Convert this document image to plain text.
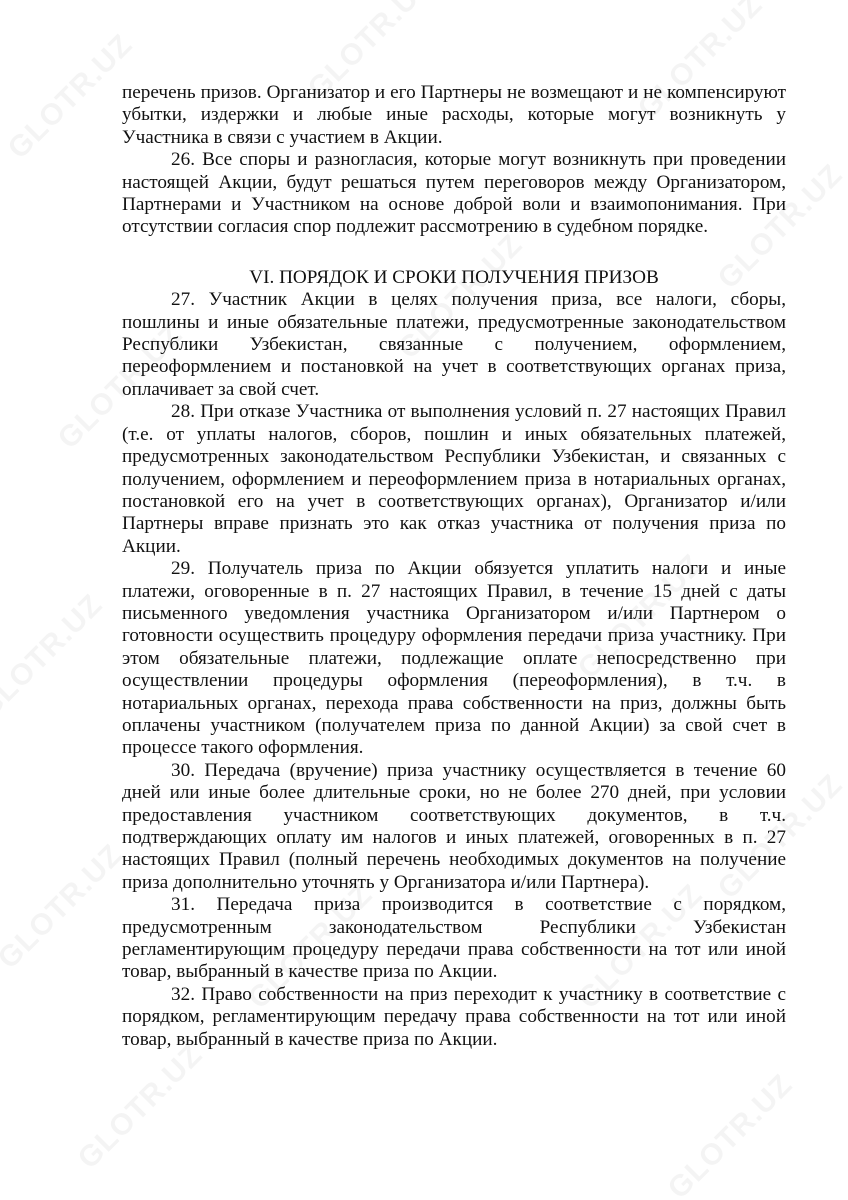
перечень призов. Организатор и его Партнеры не возмещают и не компенсируют убытки, издержки и любые иные расходы, которые могут возникнуть у Участника в связи с участием в Акции.

26. Все споры и разногласия, которые могут возникнуть при проведении настоящей Акции, будут решаться путем переговоров между Организатором, Партнерами и Участником на основе доброй воли и взаимопонимания. При отсутствии согласия спор подлежит рассмотрению в судебном порядке.

VI. ПОРЯДОК И СРОКИ ПОЛУЧЕНИЯ ПРИЗОВ

27. Участник Акции в целях получения приза, все налоги, сборы, пошлины и иные обязательные платежи, предусмотренные законодательством Республики Узбекистан, связанные с получением, оформлением, переоформлением и постановкой на учет в соответствующих органах приза, оплачивает за свой счет.

28. При отказе Участника от выполнения условий п. 27 настоящих Правил (т.е. от уплаты налогов, сборов, пошлин и иных обязательных платежей, предусмотренных законодательством Республики Узбекистан, и связанных с получением, оформлением и переоформлением приза в нотариальных органах, постановкой его на учет в соответствующих органах), Организатор и/или Партнеры вправе признать это как отказ участника от получения приза по Акции.

29. Получатель приза по Акции обязуется уплатить налоги и иные платежи, оговоренные в п. 27 настоящих Правил, в течение 15 дней с даты письменного уведомления участника Организатором и/или Партнером о готовности осуществить процедуру оформления передачи приза участнику. При этом обязательные платежи, подлежащие оплате непосредственно при осуществлении процедуры оформления (переоформления), в т.ч. в нотариальных органах, перехода права собственности на приз, должны быть оплачены участником (получателем приза по данной Акции) за свой счет в процессе такого оформления.

30. Передача (вручение) приза участнику осуществляется в течение 60 дней или иные более длительные сроки, но не более 270 дней, при условии предоставления участником соответствующих документов, в т.ч. подтверждающих оплату им налогов и иных платежей, оговоренных в п. 27 настоящих Правил (полный перечень необходимых документов на получение приза дополнительно уточнять у Организатора и/или Партнера).

31. Передача приза производится в соответствие с порядком, предусмотренным законодательством Республики Узбекистан регламентирующим процедуру передачи права собственности на тот или иной товар, выбранный в качестве приза по Акции.

32. Право собственности на приз переходит к участнику в соответствие с порядком, регламентирующим передачу права собственности на тот или иной товар, выбранный в качестве приза по Акции.
